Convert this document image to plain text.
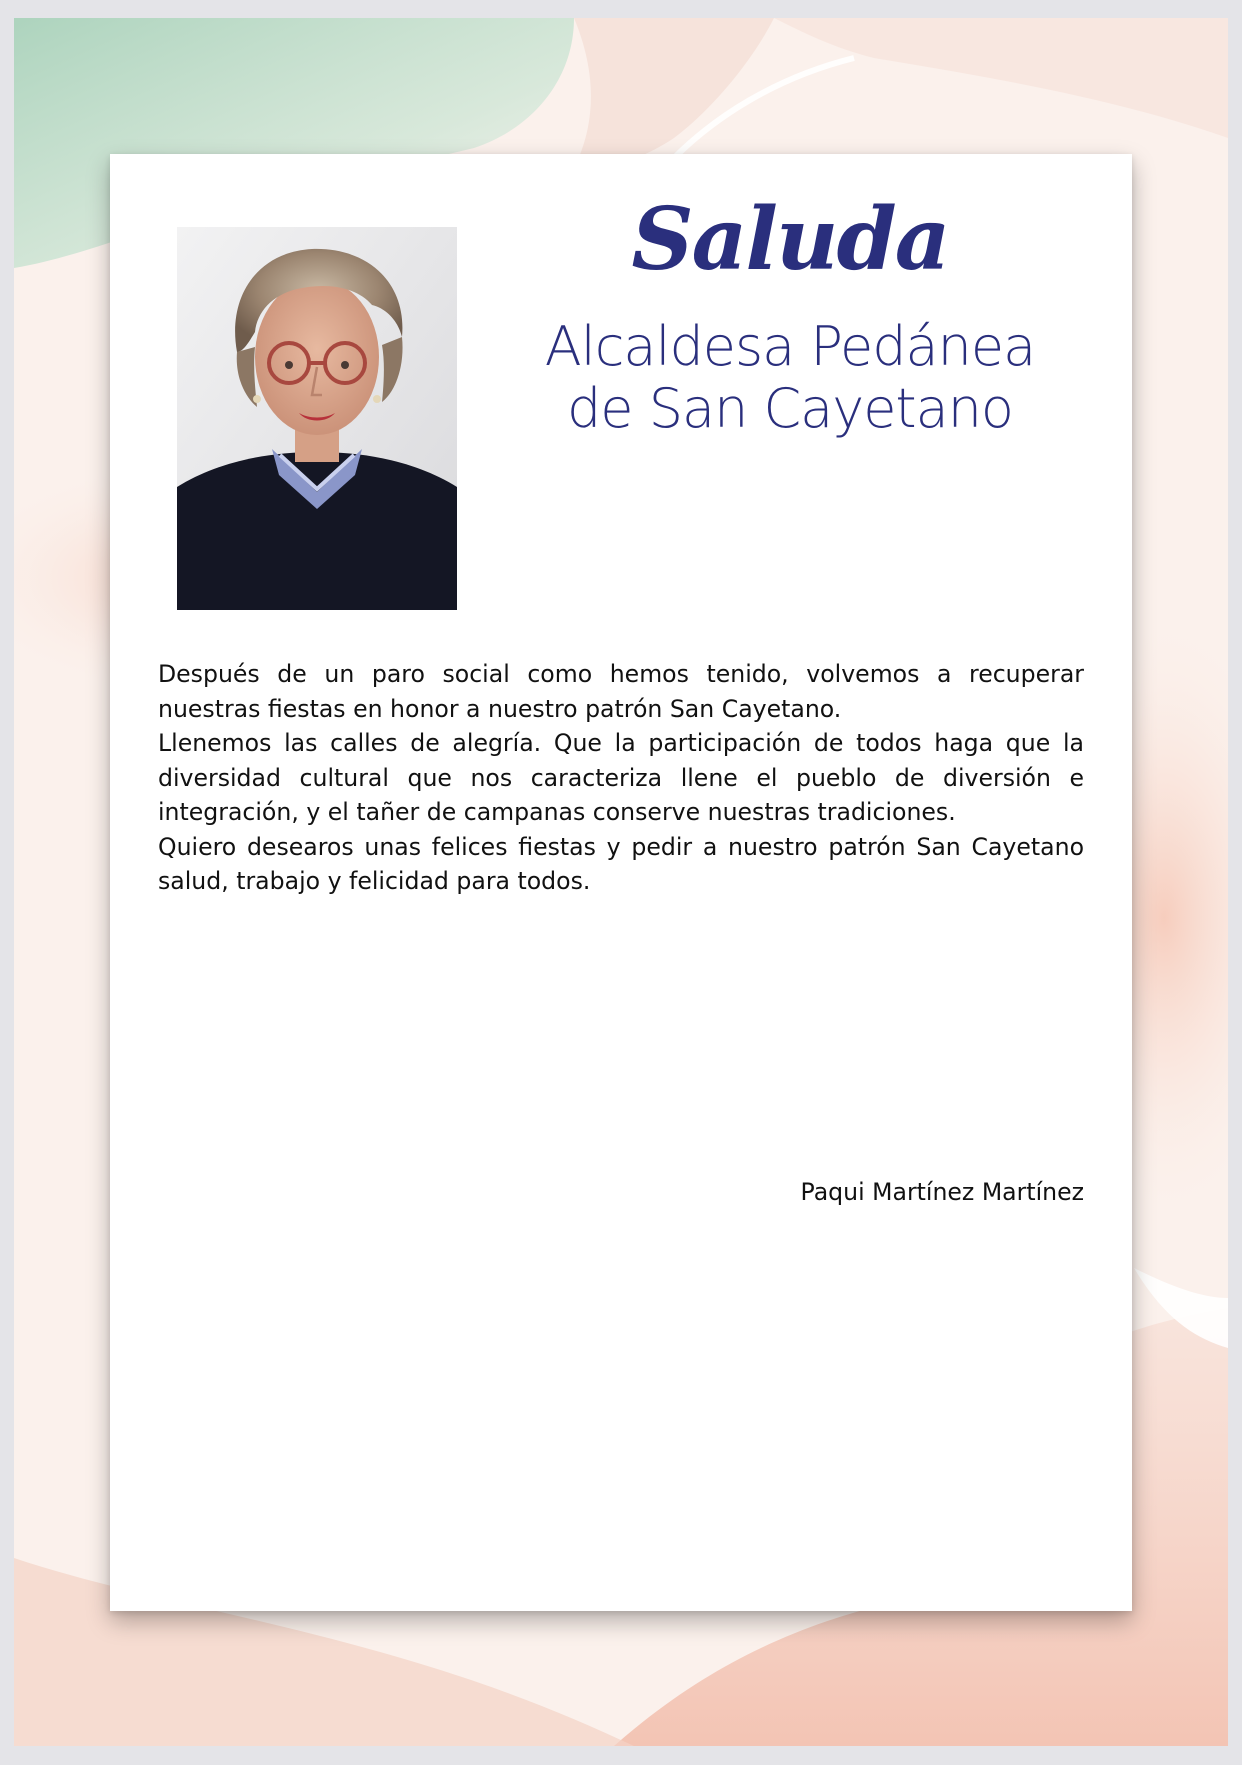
Saluda
Alcaldesa Pedánea
de San Cayetano

Después de un paro social como hemos tenido, volvemos a recuperar nuestras fiestas en honor a nuestro patrón San Cayetano.

Llenemos las calles de alegría. Que la participación de todos haga que la diversidad cultural que nos caracteriza llene el pueblo de diversión e integración, y el tañer de campanas conserve nuestras tradiciones.

Quiero desearos unas felices fiestas y pedir a nuestro patrón San Cayetano salud, trabajo y felicidad para todos.

Paqui Martínez Martínez
